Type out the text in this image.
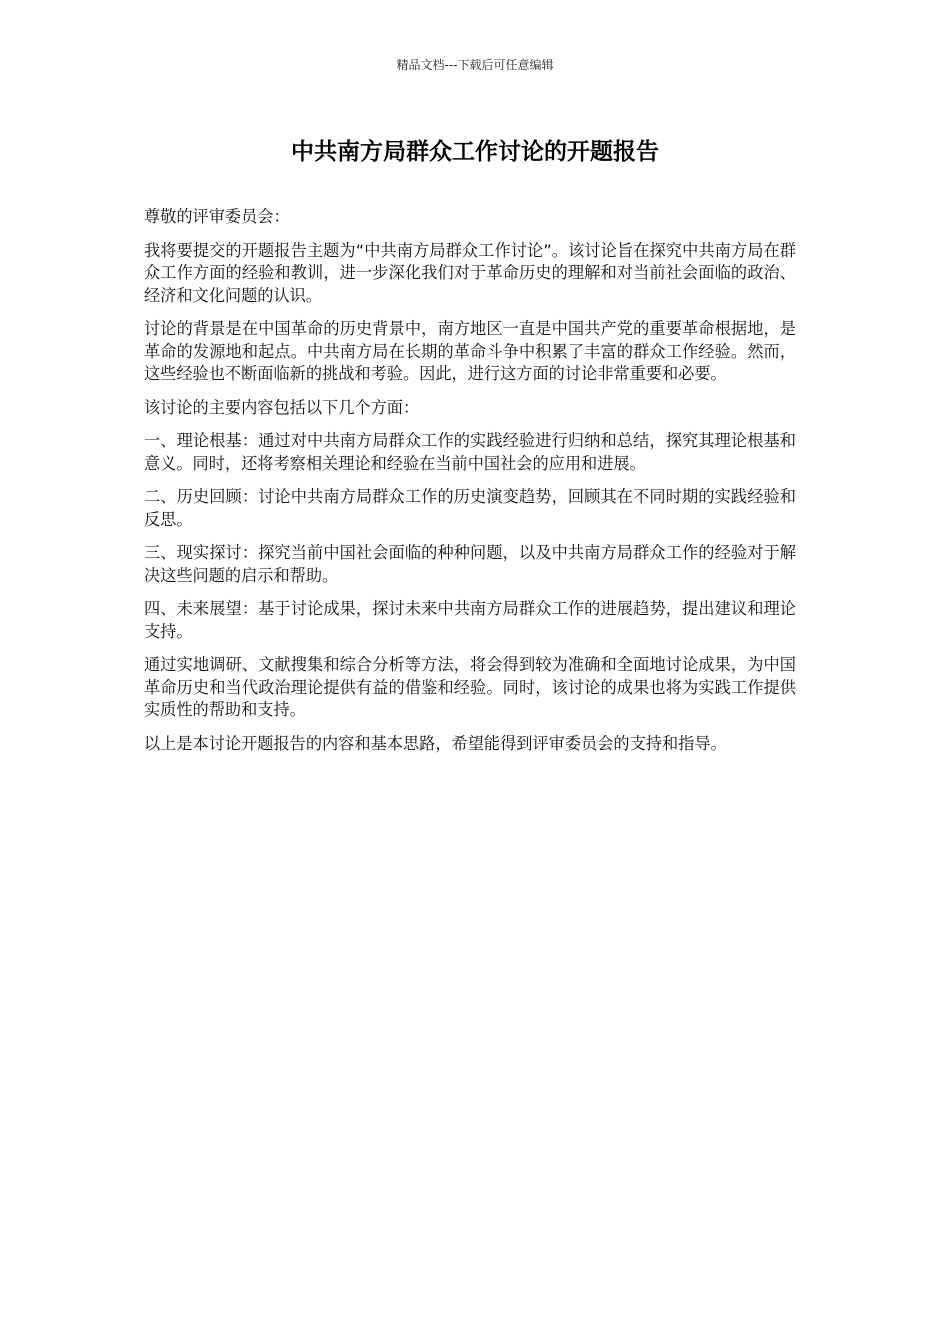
精品文档---下载后可任意编辑
中共南方局群众工作讨论的开题报告

尊敬的评审委员会：

我将要提交的开题报告主题为“中共南方局群众工作讨论”。该讨论旨在探究中共南方局在群众工作方面的经验和教训，进一步深化我们对于革命历史的理解和对当前社会面临的政治、经济和文化问题的认识。

讨论的背景是在中国革命的历史背景中，南方地区一直是中国共产党的重要革命根据地，是革命的发源地和起点。中共南方局在长期的革命斗争中积累了丰富的群众工作经验。然而，这些经验也不断面临新的挑战和考验。因此，进行这方面的讨论非常重要和必要。

该讨论的主要内容包括以下几个方面：

一、理论根基：通过对中共南方局群众工作的实践经验进行归纳和总结，探究其理论根基和意义。同时，还将考察相关理论和经验在当前中国社会的应用和进展。

二、历史回顾：讨论中共南方局群众工作的历史演变趋势，回顾其在不同时期的实践经验和反思。

三、现实探讨：探究当前中国社会面临的种种问题，以及中共南方局群众工作的经验对于解决这些问题的启示和帮助。

四、未来展望：基于讨论成果，探讨未来中共南方局群众工作的进展趋势，提出建议和理论支持。

通过实地调研、文献搜集和综合分析等方法，将会得到较为准确和全面地讨论成果，为中国革命历史和当代政治理论提供有益的借鉴和经验。同时，该讨论的成果也将为实践工作提供实质性的帮助和支持。

以上是本讨论开题报告的内容和基本思路，希望能得到评审委员会的支持和指导。
